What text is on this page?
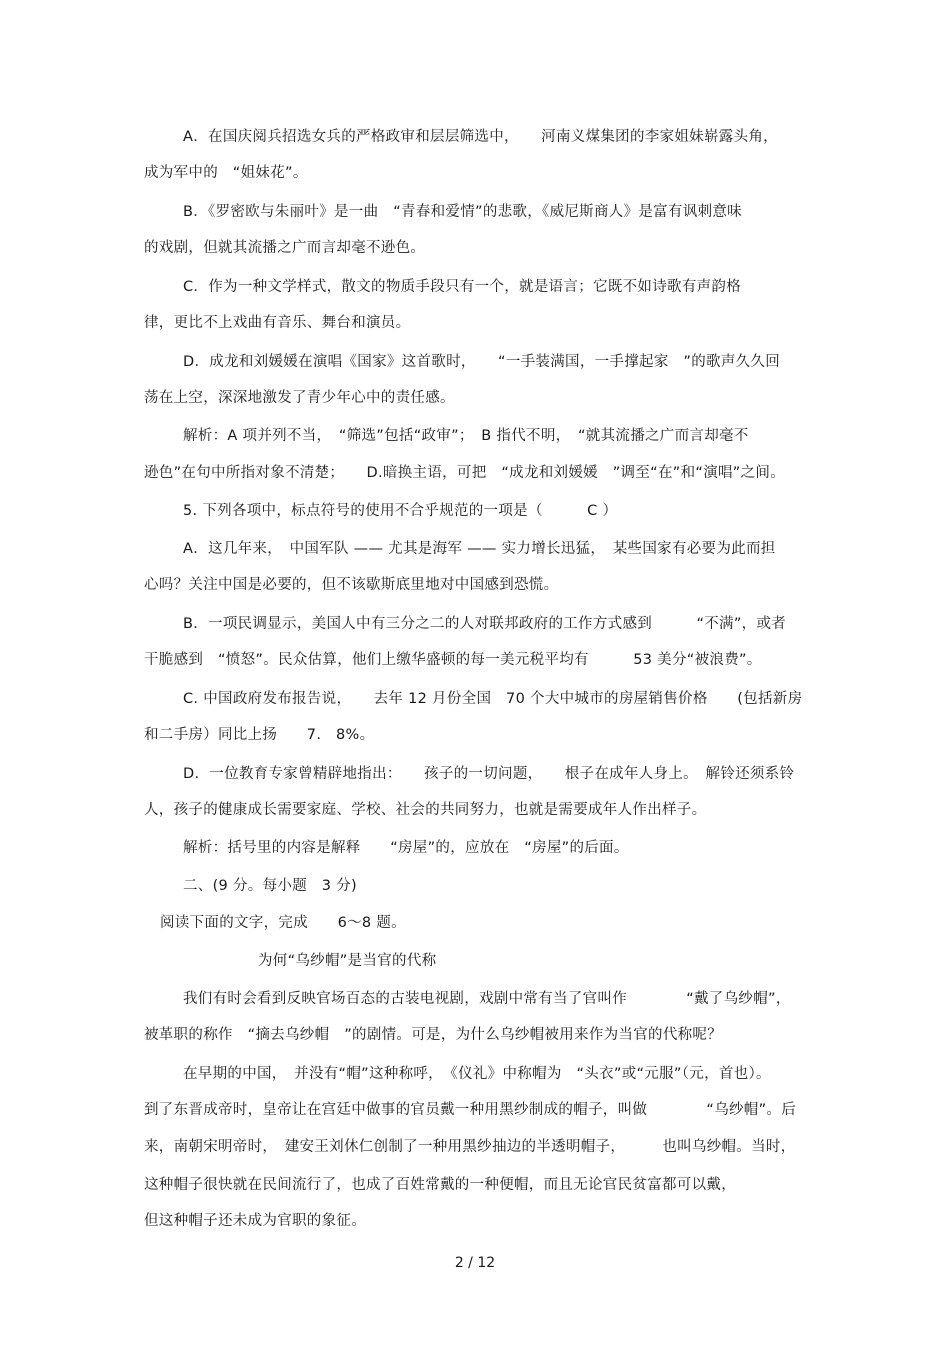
A．在国庆阅兵招选女兵的严格政审和层层筛选中，　　河南义煤集团的李家姐妹崭露头角，
成为军中的　“姐妹花”。
B．《罗密欧与朱丽叶》是一曲　“青春和爱情”的悲歌，《威尼斯商人》是富有讽刺意味
的戏剧，但就其流播之广而言却毫不逊色。
C．作为一种文学样式，散文的物质手段只有一个，就是语言；它既不如诗歌有声韵格
律，更比不上戏曲有音乐、舞台和演员。
D．成龙和刘媛媛在演唱《国家》这首歌时，　　“一手装满国，一手撑起家　”的歌声久久回
荡在上空，深深地激发了青少年心中的责任感。
解析：A 项并列不当，　“筛选”包括“政审”；　B 指代不明，　“就其流播之广而言却毫不
逊色”在句中所指对象不清楚；　　D.暗换主语，可把　“成龙和刘媛媛　”调至“在”和“演唱”之间。
5. 下列各项中，标点符号的使用不合乎规范的一项是（　　　C ）
A．这几年来，　中国军队 —— 尤其是海军 —— 实力增长迅猛，　某些国家有必要为此而担
心吗？关注中国是必要的，但不该歇斯底里地对中国感到恐慌。
B．一项民调显示，美国人中有三分之二的人对联邦政府的工作方式感到　　　“不满”，或者
干脆感到　“愤怒”。民众估算，他们上缴华盛顿的每一美元税平均有　　　53 美分“被浪费”。
C. 中国政府发布报告说，　　去年 12 月份全国　70 个大中城市的房屋销售价格　　(包括新房
和二手房）同比上扬　　7.　8%。
D．一位教育专家曾精辟地指出：　　孩子的一切问题，　　根子在成年人身上。　解铃还须系铃
人，孩子的健康成长需要家庭、学校、社会的共同努力，也就是需要成年人作出样子。
解析：括号里的内容是解释　　“房屋”的，应放在　“房屋”的后面。
二、(9 分。每小题　3 分)
阅读下面的文字，完成　　6～8 题。
为何“乌纱帽”是当官的代称
我们有时会看到反映官场百态的古装电视剧，戏剧中常有当了官叫作　　　　“戴了乌纱帽”，
被革职的称作　“摘去乌纱帽　”的剧情。可是，为什么乌纱帽被用来作为当官的代称呢？
在早期的中国，　并没有“帽”这种称呼，　《仪礼》中称帽为　“头衣”或“元服”（元，首也）。
到了东晋成帝时，皇帝让在宫廷中做事的官员戴一种用黑纱制成的帽子，叫做　　　　“乌纱帽”。后
来，南朝宋明帝时，　建安王刘休仁创制了一种用黑纱抽边的半透明帽子，　　　也叫乌纱帽。当时，
这种帽子很快就在民间流行了，也成了百姓常戴的一种便帽，而且无论官民贫富都可以戴，
但这种帽子还未成为官职的象征。
2 / 12
